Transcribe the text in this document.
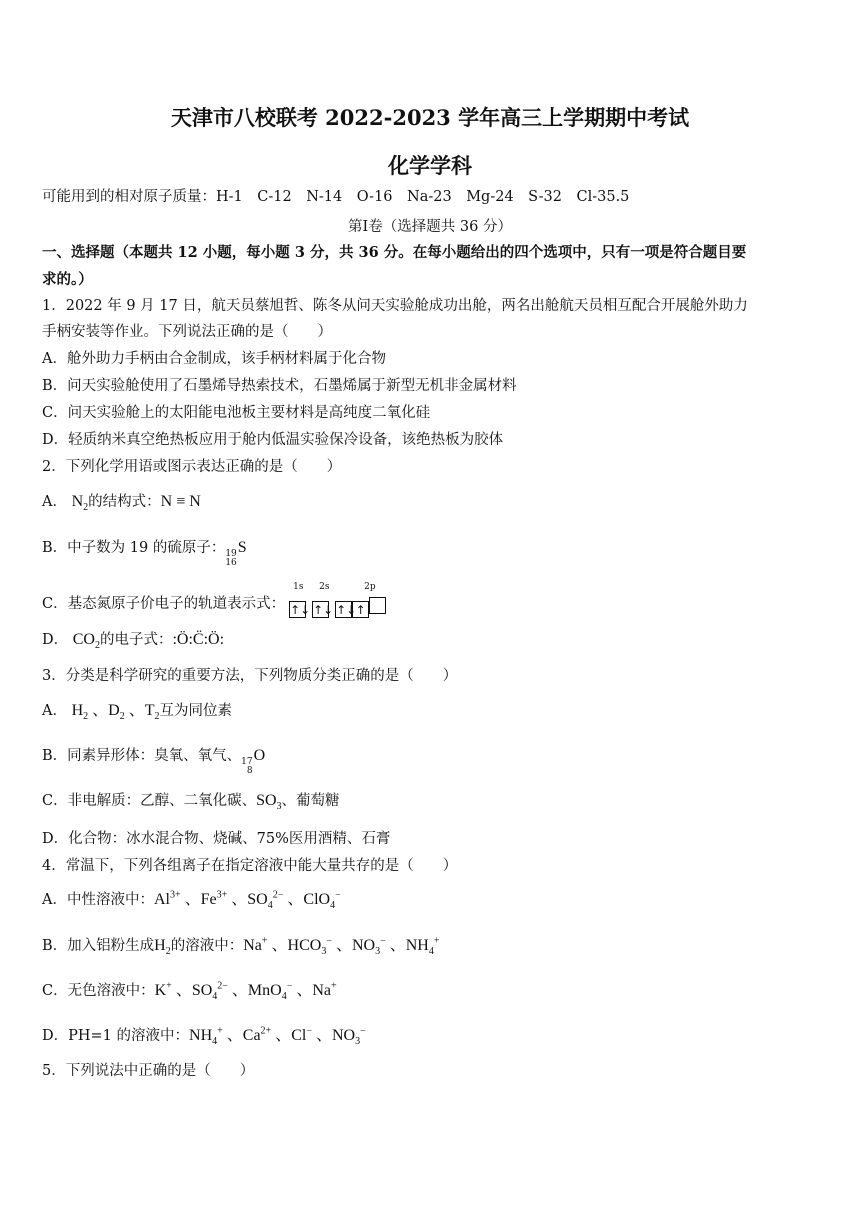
天津市八校联考 2022-2023 学年高三上学期期中考试
化学学科
可能用到的相对原子质量：H-1　C-12　N-14　O-16　Na-23　Mg-24　S-32　Cl-35.5
第Ⅰ卷（选择题共 36 分）
一、选择题（本题共 12 小题，每小题 3 分，共 36 分。在每小题给出的四个选项中，只有一项是符合题目要
求的。）
1．2022 年 9 月 17 日，航天员蔡旭哲、陈冬从问天实验舱成功出舱，两名出舱航天员相互配合开展舱外助力
手柄安装等作业。下列说法正确的是（　　）
A．舱外助力手柄由合金制成，该手柄材料属于化合物
B．问天实验舱使用了石墨烯导热索技术，石墨烯属于新型无机非金属材料
C．问天实验舱上的太阳能电池板主要材料是高纯度二氧化硅
D．轻质纳米真空绝热板应用于舱内低温实验保冷设备，该绝热板为胶体
2．下列化学用语或图示表达正确的是（　　）
A． $N_2$的结构式：N ≡ N
B．中子数为 19 的硫原子： 19
16
S
C．基态氮原子价电子的轨道表示式：
1s 2s	2p
↑↓ ↑↓ ↑↓↑
D． $CO_2$的电子式：:Ö:C̈:Ö:
3．分类是科学研究的重要方法，下列物质分类正确的是（　　）
A． $H_2$ 、$D_2$ 、$T_2$互为同位素
B．同素异形体：臭氧、氧气、 17
8
O
C．非电解质：乙醇、二氧化碳、$SO_3$、葡萄糖
D．化合物：冰水混合物、烧碱、75%医用酒精、石膏
4．常温下，下列各组离子在指定溶液中能大量共存的是（　　）
A．中性溶液中：$Al^{3+}$ 、$Fe^{3+}$ 、$SO_4^{2-}$ 、ClO$_4$−
B．加入铝粉生成$H_2$的溶液中：Na+ 、$HCO_3^-$ 、$NO_3^-$ 、$NH_4^+$
C．无色溶液中：K+ 、$SO_4^{2-}$ 、MnO$_4$− 、Na+
D．PH=1 的溶液中：$NH_4^+$ 、$Ca^{2+}$ 、Cl− 、$NO_3^-$
5．下列说法中正确的是（　　）
